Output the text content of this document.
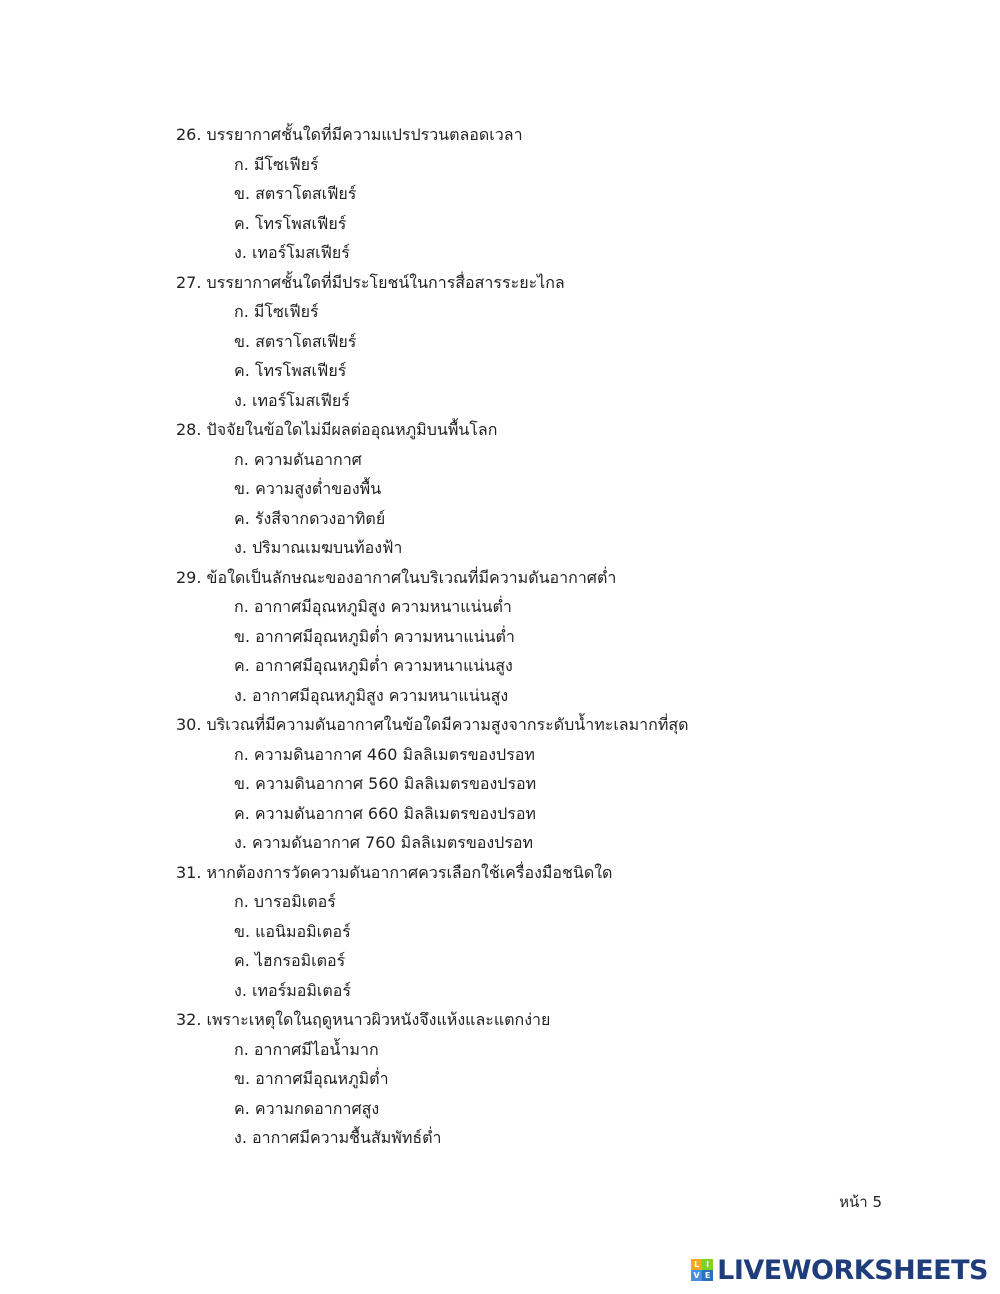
26. บรรยากาศชั้นใดที่มีความแปรปรวนตลอดเวลา
ก. มีโซเฟียร์
ข. สตราโตสเฟียร์
ค. โทรโพสเฟียร์
ง. เทอร์โมสเฟียร์
27. บรรยากาศชั้นใดที่มีประโยชน์ในการสื่อสารระยะไกล
ก. มีโซเฟียร์
ข. สตราโตสเฟียร์
ค. โทรโพสเฟียร์
ง. เทอร์โมสเฟียร์
28. ปัจจัยในข้อใดไม่มีผลต่ออุณหภูมิบนพื้นโลก
ก. ความดันอากาศ
ข. ความสูงต่ำของพื้น
ค. รังสีจากดวงอาทิตย์
ง. ปริมาณเมฆบนท้องฟ้า
29. ข้อใดเป็นลักษณะของอากาศในบริเวณที่มีความดันอากาศต่ำ
ก. อากาศมีอุณหภูมิสูง ความหนาแน่นต่ำ
ข. อากาศมีอุณหภูมิต่ำ ความหนาแน่นต่ำ
ค. อากาศมีอุณหภูมิต่ำ ความหนาแน่นสูง
ง. อากาศมีอุณหภูมิสูง ความหนาแน่นสูง
30. บริเวณที่มีความดันอากาศในข้อใดมีความสูงจากระดับน้ำทะเลมากที่สุด
ก. ความดินอากาศ 460 มิลลิเมตรของปรอท
ข. ความดินอากาศ 560 มิลลิเมตรของปรอท
ค. ความดันอากาศ 660 มิลลิเมตรของปรอท
ง. ความดันอากาศ 760 มิลลิเมตรของปรอท
31. หากต้องการวัดความดันอากาศควรเลือกใช้เครื่องมือชนิดใด
ก. บารอมิเตอร์
ข. แอนิมอมิเตอร์
ค. ไฮกรอมิเตอร์
ง. เทอร์มอมิเตอร์
32. เพราะเหตุใดในฤดูหนาวผิวหนังจึงแห้งและแตกง่าย
ก. อากาศมีไอน้ำมาก
ข. อากาศมีอุณหภูมิต่ำ
ค. ความกดอากาศสูง
ง. อากาศมีความชื้นสัมพัทธ์ต่ำ
หน้า 5
L I
V E LIVEWORKSHEETS
